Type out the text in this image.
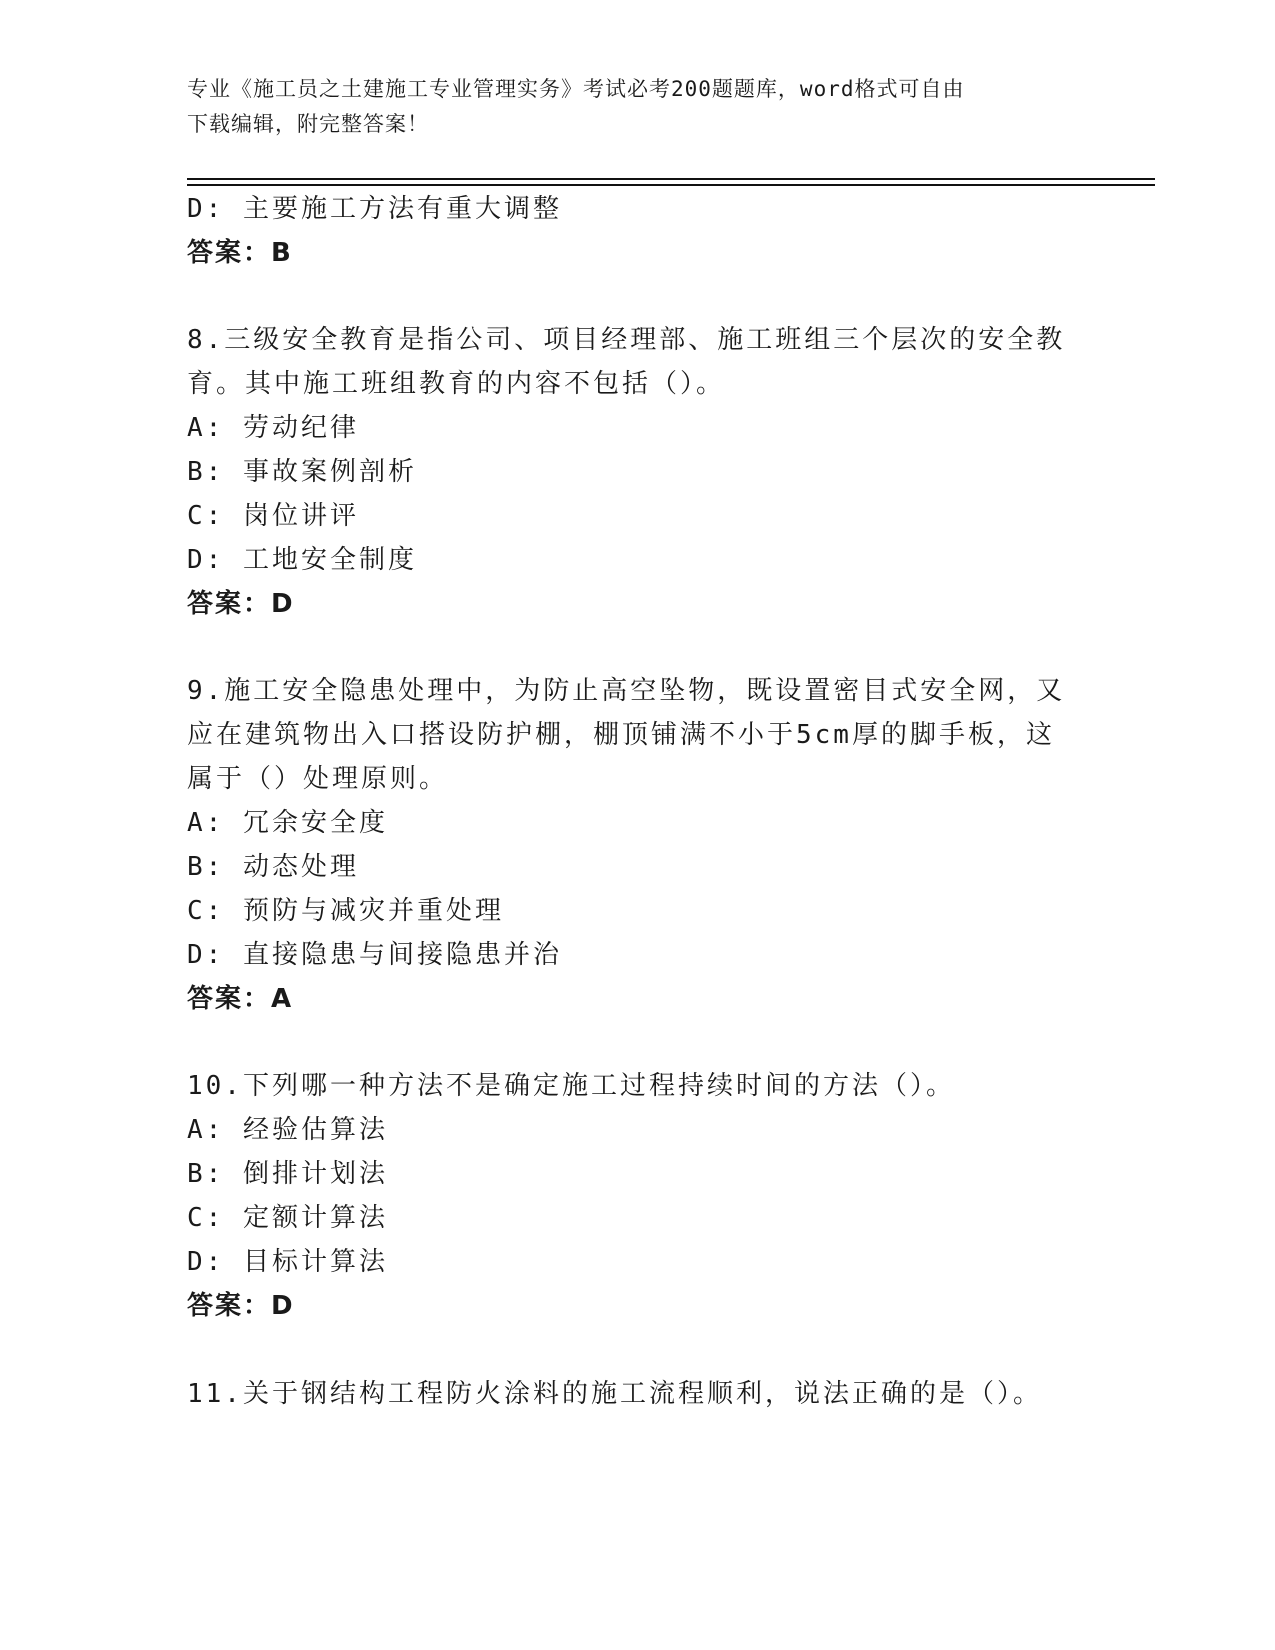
专业《施工员之土建施工专业管理实务》考试必考200题题库，word格式可自由
下载编辑，附完整答案！
D: 主要施工方法有重大调整
答案：B
8.三级安全教育是指公司、项目经理部、施工班组三个层次的安全教
育。其中施工班组教育的内容不包括（）。
A: 劳动纪律
B: 事故案例剖析
C: 岗位讲评
D: 工地安全制度
答案：D
9.施工安全隐患处理中，为防止高空坠物，既设置密目式安全网，又
应在建筑物出入口搭设防护棚，棚顶铺满不小于5cm厚的脚手板，这
属于（）处理原则。
A: 冗余安全度
B: 动态处理
C: 预防与减灾并重处理
D: 直接隐患与间接隐患并治
答案：A
10.下列哪一种方法不是确定施工过程持续时间的方法（）。
A: 经验估算法
B: 倒排计划法
C: 定额计算法
D: 目标计算法
答案：D
11.关于钢结构工程防火涂料的施工流程顺利，说法正确的是（）。
